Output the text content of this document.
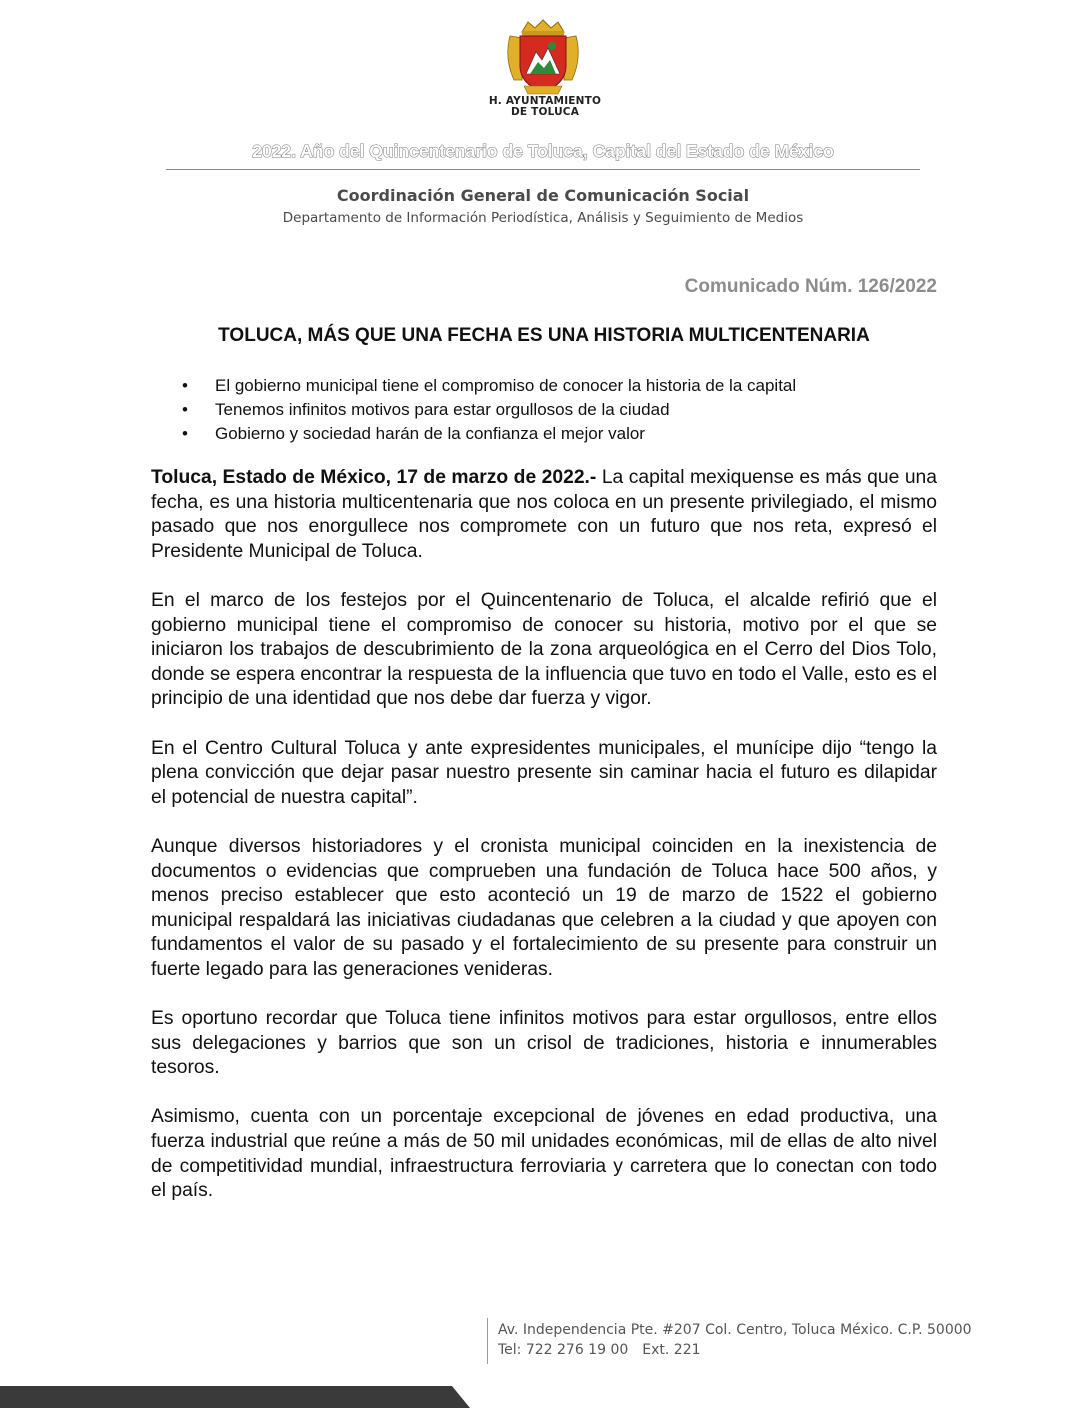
H. AYUNTAMIENTO
DE TOLUCA
2022. Año del Quincentenario de Toluca, Capital del Estado de México
Coordinación General de Comunicación Social
Departamento de Información Periodística, Análisis y Seguimiento de Medios
Comunicado Núm. 126/2022
TOLUCA, MÁS QUE UNA FECHA ES UNA HISTORIA MULTICENTENARIA
• El gobierno municipal tiene el compromiso de conocer la historia de la capital
• Tenemos infinitos motivos para estar orgullosos de la ciudad
• Gobierno y sociedad harán de la confianza el mejor valor

Toluca, Estado de México, 17 de marzo de 2022.- La capital mexiquense es más que una fecha, es una historia multicentenaria que nos coloca en un presente privilegiado, el mismo pasado que nos enorgullece nos compromete con un futuro que nos reta, expresó el Presidente Municipal de Toluca.

En el marco de los festejos por el Quincentenario de Toluca, el alcalde refirió que el gobierno municipal tiene el compromiso de conocer su historia, motivo por el que se iniciaron los trabajos de descubrimiento de la zona arqueológica en el Cerro del Dios Tolo, donde se espera encontrar la respuesta de la influencia que tuvo en todo el Valle, esto es el principio de una identidad que nos debe dar fuerza y vigor.

En el Centro Cultural Toluca y ante expresidentes municipales, el munícipe dijo “tengo la plena convicción que dejar pasar nuestro presente sin caminar hacia el futuro es dilapidar el potencial de nuestra capital”.

Aunque diversos historiadores y el cronista municipal coinciden en la inexistencia de documentos o evidencias que comprueben una fundación de Toluca hace 500 años, y menos preciso establecer que esto aconteció un 19 de marzo de 1522 el gobierno municipal respaldará las iniciativas ciudadanas que celebren a la ciudad y que apoyen con fundamentos el valor de su pasado y el fortalecimiento de su presente para construir un fuerte legado para las generaciones venideras.

Es oportuno recordar que Toluca tiene infinitos motivos para estar orgullosos, entre ellos sus delegaciones y barrios que son un crisol de tradiciones, historia e innumerables tesoros.

Asimismo, cuenta con un porcentaje excepcional de jóvenes en edad productiva, una fuerza industrial que reúne a más de 50 mil unidades económicas, mil de ellas de alto nivel de competitividad mundial, infraestructura ferroviaria y carretera que lo conectan con todo el país.

Av. Independencia Pte. #207 Col. Centro, Toluca México. C.P. 50000
Tel: 722 276 19 00 Ext. 221
